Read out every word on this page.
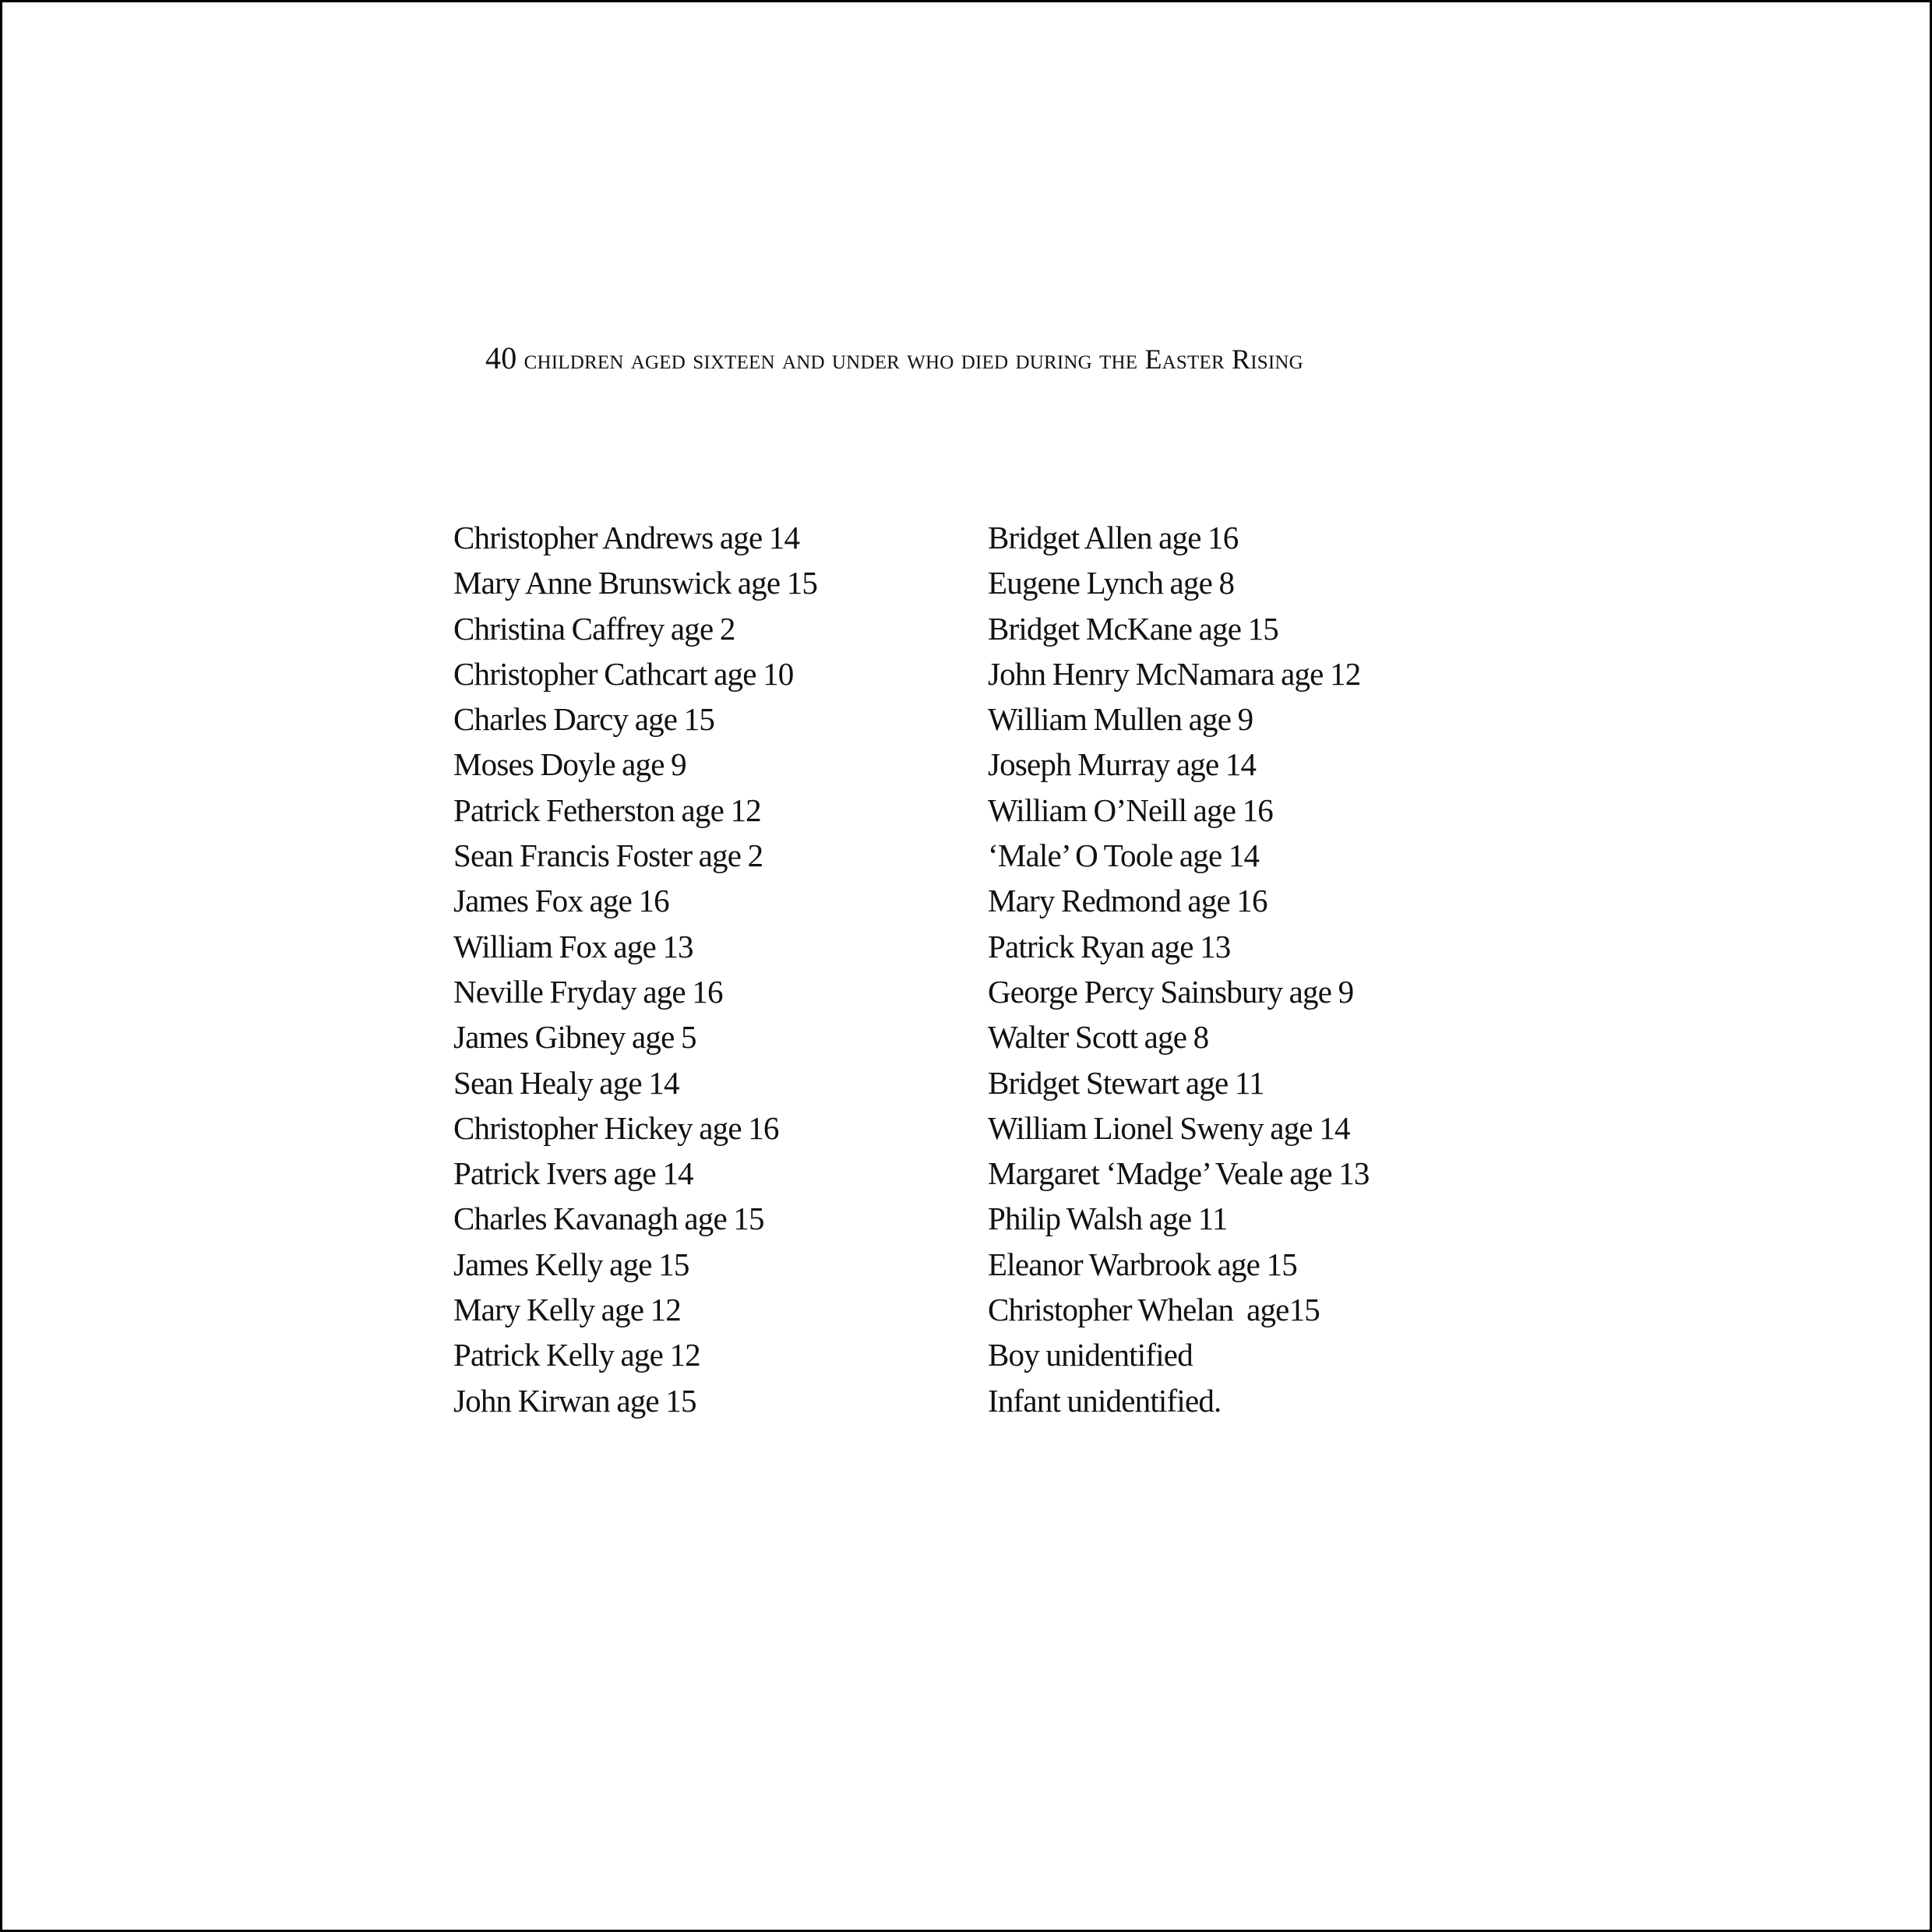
40 children aged sixteen and under who died during the Easter Rising
Christopher Andrews age 14
Mary Anne Brunswick age 15
Christina Caffrey age 2
Christopher Cathcart age 10
Charles Darcy age 15
Moses Doyle age 9
Patrick Fetherston age 12
Sean Francis Foster age 2
James Fox age 16
William Fox age 13
Neville Fryday age 16
James Gibney age 5
Sean Healy age 14
Christopher Hickey age 16
Patrick Ivers age 14
Charles Kavanagh age 15
James Kelly age 15
Mary Kelly age 12
Patrick Kelly age 12
John Kirwan age 15
Bridget Allen age 16
Eugene Lynch age 8
Bridget McKane age 15
John Henry McNamara age 12
William Mullen age 9
Joseph Murray age 14
William O’Neill age 16
‘Male’ O Toole age 14
Mary Redmond age 16
Patrick Ryan age 13
George Percy Sainsbury age 9
Walter Scott age 8
Bridget Stewart age 11
William Lionel Sweny age 14
Margaret ‘Madge’ Veale age 13
Philip Walsh age 11
Eleanor Warbrook age 15
Christopher Whelan  age15
Boy unidentified
Infant unidentified.
